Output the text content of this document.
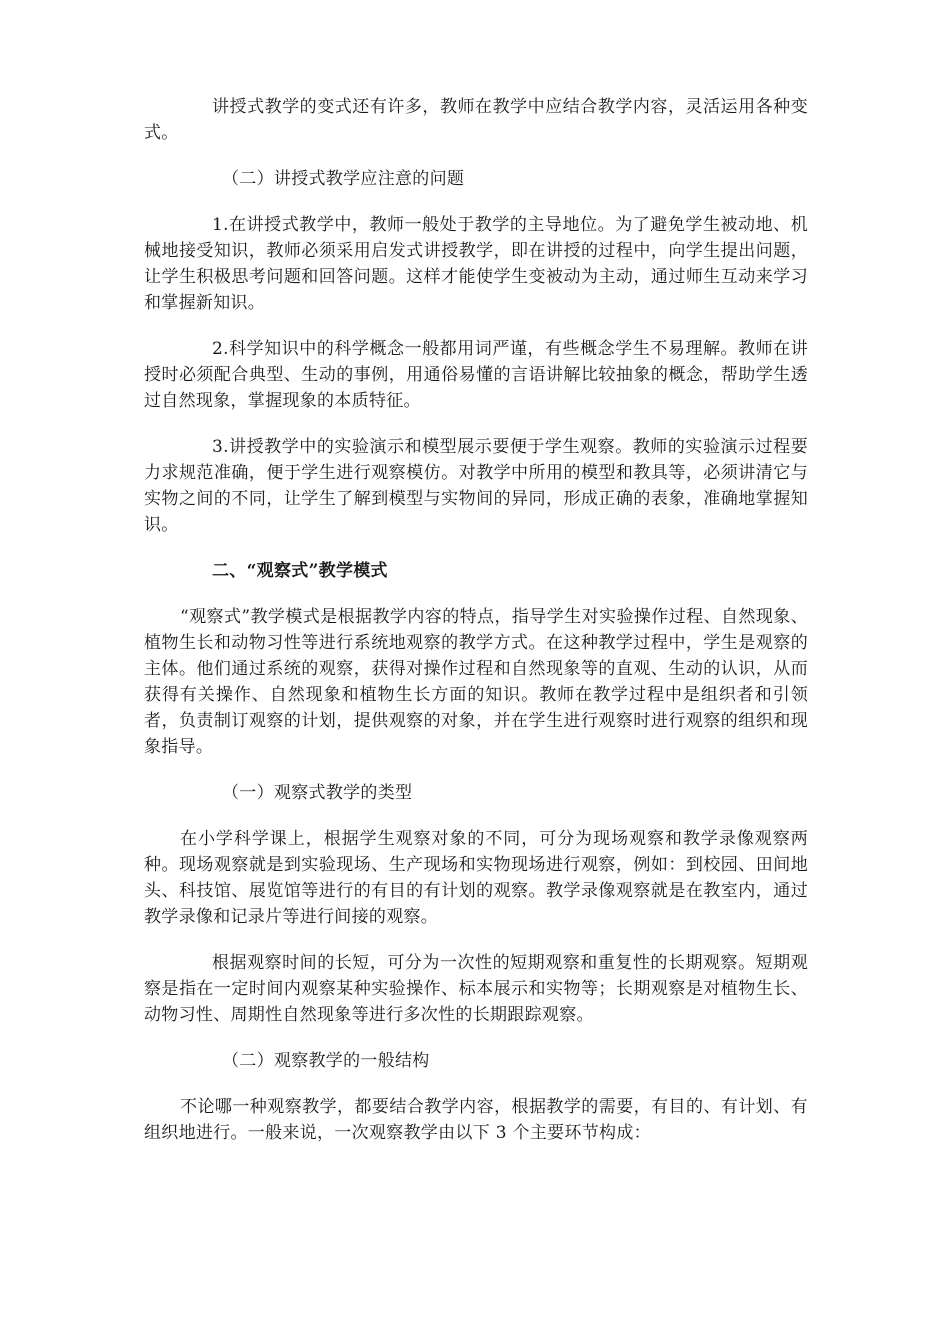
讲授式教学的变式还有许多，教师在教学中应结合教学内容，灵活运用各种变式。

（二）讲授式教学应注意的问题

1.在讲授式教学中，教师一般处于教学的主导地位。为了避免学生被动地、机械地接受知识，教师必须采用启发式讲授教学，即在讲授的过程中，向学生提出问题，让学生积极思考问题和回答问题。这样才能使学生变被动为主动，通过师生互动来学习和掌握新知识。

2.科学知识中的科学概念一般都用词严谨，有些概念学生不易理解。教师在讲授时必须配合典型、生动的事例，用通俗易懂的言语讲解比较抽象的概念，帮助学生透过自然现象，掌握现象的本质特征。

3.讲授教学中的实验演示和模型展示要便于学生观察。教师的实验演示过程要力求规范准确，便于学生进行观察模仿。对教学中所用的模型和教具等，必须讲清它与实物之间的不同，让学生了解到模型与实物间的异同，形成正确的表象，准确地掌握知识。

二、“观察式”教学模式

“观察式”教学模式是根据教学内容的特点，指导学生对实验操作过程、自然现象、植物生长和动物习性等进行系统地观察的教学方式。在这种教学过程中，学生是观察的主体。他们通过系统的观察，获得对操作过程和自然现象等的直观、生动的认识，从而获得有关操作、自然现象和植物生长方面的知识。教师在教学过程中是组织者和引领者，负责制订观察的计划，提供观察的对象，并在学生进行观察时进行观察的组织和现象指导。

（一）观察式教学的类型

在小学科学课上，根据学生观察对象的不同，可分为现场观察和教学录像观察两种。现场观察就是到实验现场、生产现场和实物现场进行观察，例如：到校园、田间地头、科技馆、展览馆等进行的有目的有计划的观察。教学录像观察就是在教室内，通过教学录像和记录片等进行间接的观察。

根据观察时间的长短，可分为一次性的短期观察和重复性的长期观察。短期观察是指在一定时间内观察某种实验操作、标本展示和实物等；长期观察是对植物生长、动物习性、周期性自然现象等进行多次性的长期跟踪观察。

（二）观察教学的一般结构

不论哪一种观察教学，都要结合教学内容，根据教学的需要，有目的、有计划、有组织地进行。一般来说，一次观察教学由以下 3 个主要环节构成：
